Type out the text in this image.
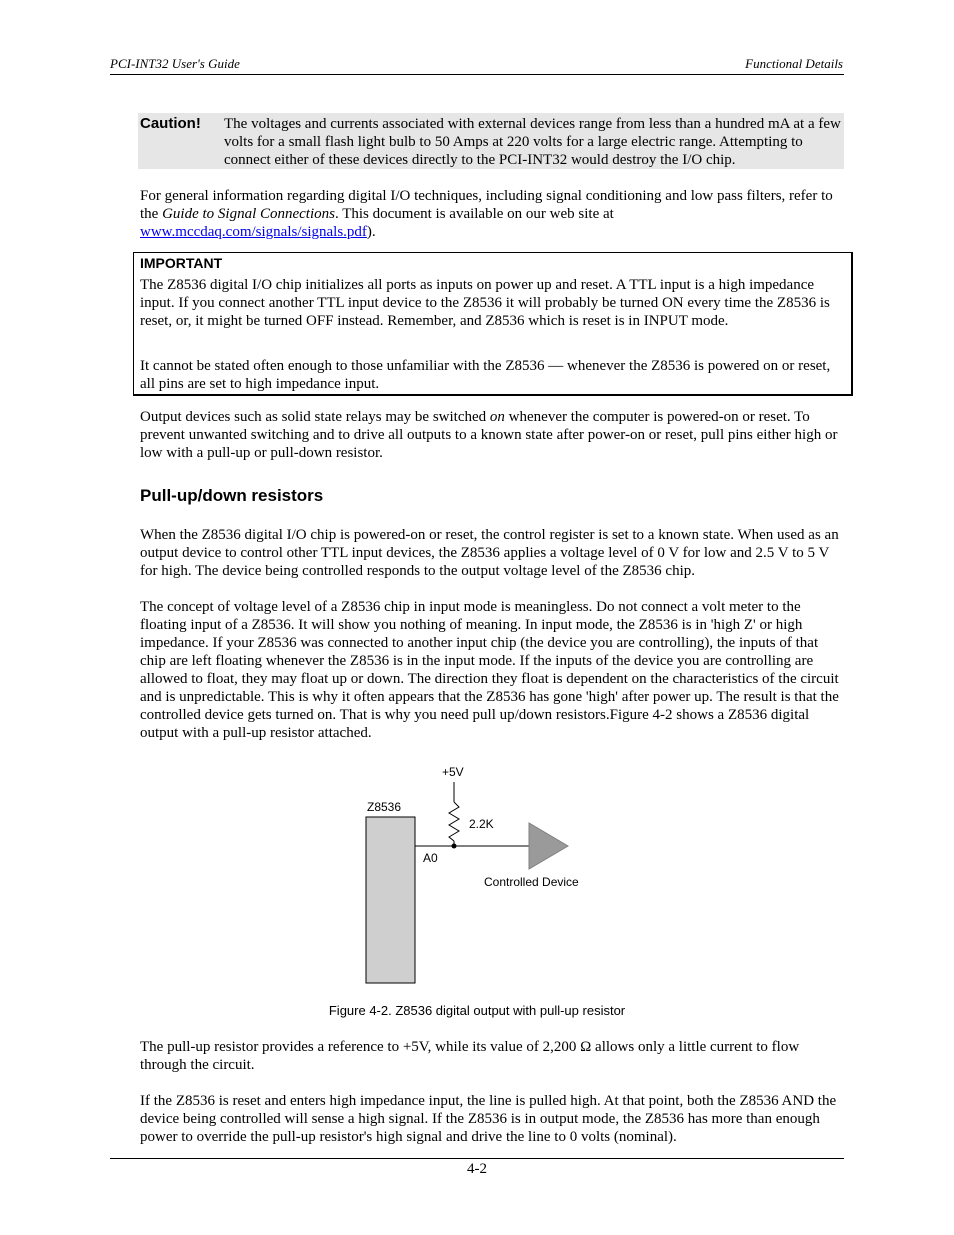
PCI-INT32 User's Guide	Functional Details
Caution! The voltages and currents associated with external devices range from less than a hundred mA at a few volts for a small flash light bulb to 50 Amps at 220 volts for a large electric range. Attempting to connect either of these devices directly to the PCI-INT32 would destroy the I/O chip.
For general information regarding digital I/O techniques, including signal conditioning and low pass filters, refer to the Guide to Signal Connections. This document is available on our web site at www.mccdaq.com/signals/signals.pdf).
IMPORTANT
The Z8536 digital I/O chip initializes all ports as inputs on power up and reset. A TTL input is a high impedance input. If you connect another TTL input device to the Z8536 it will probably be turned ON every time the Z8536 is reset, or, it might be turned OFF instead. Remember, and Z8536 which is reset is in INPUT mode.
It cannot be stated often enough to those unfamiliar with the Z8536 — whenever the Z8536 is powered on or reset, all pins are set to high impedance input.
Output devices such as solid state relays may be switched on whenever the computer is powered-on or reset. To prevent unwanted switching and to drive all outputs to a known state after power-on or reset, pull pins either high or low with a pull-up or pull-down resistor.
Pull-up/down resistors
When the Z8536 digital I/O chip is powered-on or reset, the control register is set to a known state. When used as an output device to control other TTL input devices, the Z8536 applies a voltage level of 0 V for low and 2.5 V to 5 V for high. The device being controlled responds to the output voltage level of the Z8536 chip.
The concept of voltage level of a Z8536 chip in input mode is meaningless. Do not connect a volt meter to the floating input of a Z8536. It will show you nothing of meaning. In input mode, the Z8536 is in 'high Z' or high impedance. If your Z8536 was connected to another input chip (the device you are controlling), the inputs of that chip are left floating whenever the Z8536 is in the input mode. If the inputs of the device you are controlling are allowed to float, they may float up or down. The direction they float is dependent on the characteristics of the circuit and is unpredictable. This is why it often appears that the Z8536 has gone 'high' after power up. The result is that the controlled device gets turned on. That is why you need pull up/down resistors.Figure 4-2 shows a Z8536 digital output with a pull-up resistor attached.
Z8536
+5V
2.2K
A0
Controlled Device
Figure 4-2. Z8536 digital output with pull-up resistor
The pull-up resistor provides a reference to +5V, while its value of 2,200 Ω allows only a little current to flow through the circuit.
If the Z8536 is reset and enters high impedance input, the line is pulled high. At that point, both the Z8536 AND the device being controlled will sense a high signal. If the Z8536 is in output mode, the Z8536 has more than enough power to override the pull-up resistor's high signal and drive the line to 0 volts (nominal).
4-2
